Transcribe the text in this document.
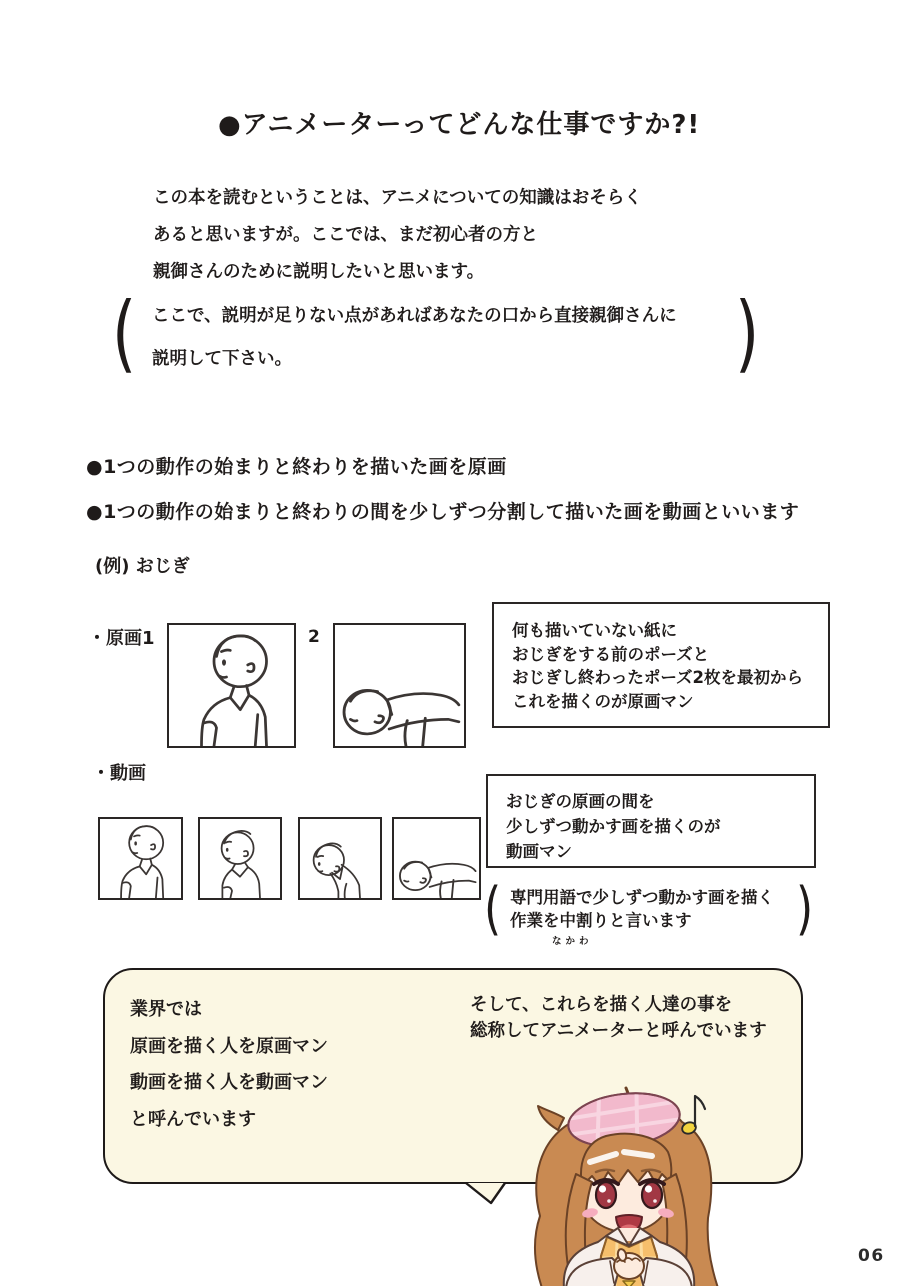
●アニメーターってどんな仕事ですか?!
この本を読むということは、アニメについての知識はおそらく
あると思いますが。ここでは、まだ初心者の方と
親御さんのために説明したいと思います。
( ここで、説明が足りない点があればあなたの口から直接親御さんに
説明して下さい。	)
●1つの動作の始まりと終わりを描いた画を原画
●1つの動作の始まりと終わりの間を少しずつ分割して描いた画を動画といいます
(例) おじぎ
・原画1	2	何も描いていない紙に
おじぎをする前のポーズと
おじぎし終わったポーズ2枚を最初から
これを描くのが原画マン
・動画
おじぎの原画の間を
少しずつ動かす画を描くのが
動画マン
( 専門用語で少しずつ動かす画を描く
作業を中割りと言います
なかわ	)
業界では
原画を描く人を原画マン
動画を描く人を動画マン
と呼んでいます
そして、これらを描く人達の事を
総称してアニメーターと呼んでいます
06
